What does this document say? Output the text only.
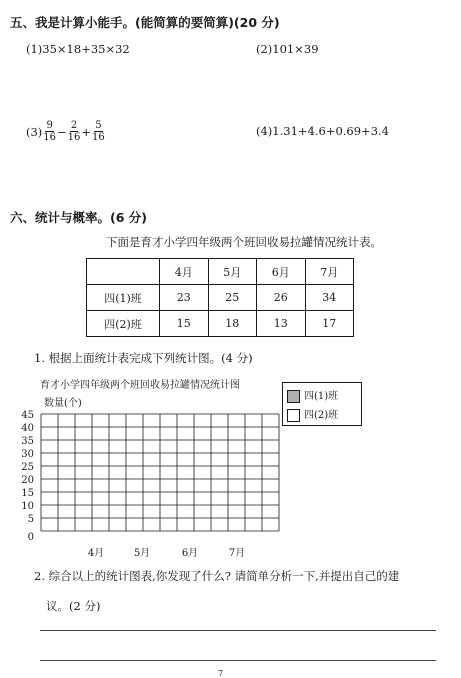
五、我是计算小能手。(能简算的要简算)(20 分)
(1)35×18+35×32	(2)101×39
$(3) \frac{9}{16} - \frac{2}{16} + \frac{5}{16}$	(4)1.31+4.6+0.69+3.4
六、统计与概率。(6 分)
下面是育才小学四年级两个班回收易拉罐情况统计表。
	4月	5月	6月	7月
四(1)班	23	25	26	34
四(2)班	15	18	13	17
1. 根据上面统计表完成下列统计图。(4 分)
育才小学四年级两个班回收易拉罐情况统计图
四(1)班
四(2)班
数量(个)
45
40
35
30
25
20
15
10
5
0
4月	5月	6月	7月
2. 综合以上的统计图表,你发现了什么? 请简单分析一下,并提出自己的建
议。(2 分)
7
